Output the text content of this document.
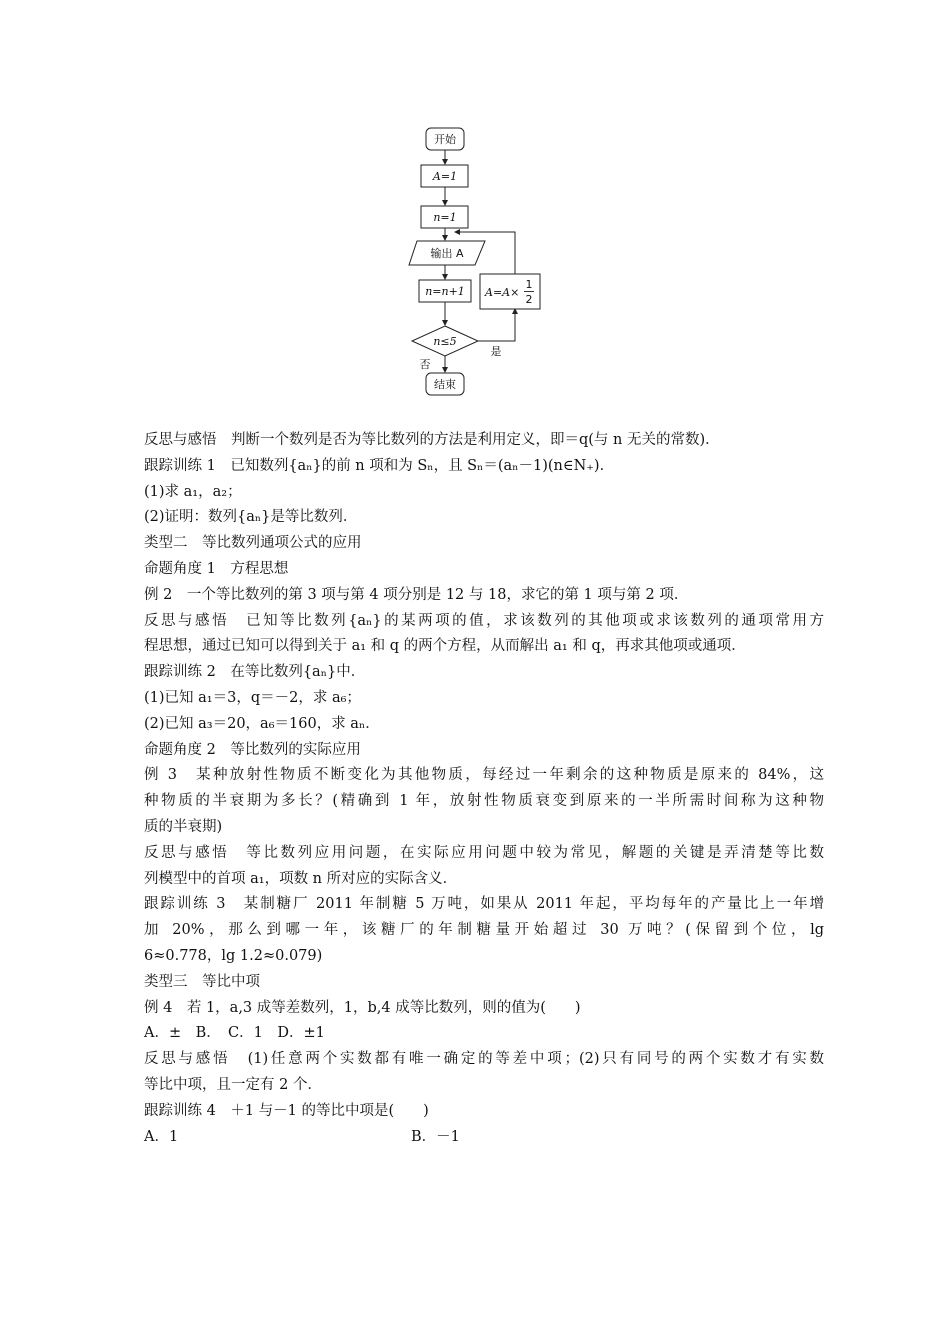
开始
A=1
n=1
输出 A
n=n+1
n≤5
否
结束
是
A=A×
1
2
反思与感悟　判断一个数列是否为等比数列的方法是利用定义，即＝q(与 n 无关的常数)．
跟踪训练 1　已知数列{aₙ}的前 n 项和为 Sₙ，且 Sₙ＝(aₙ－1)(n∈N₊)．
(1)求 a₁，a₂；
(2)证明：数列{aₙ}是等比数列．
类型二　等比数列通项公式的应用
命题角度 1　方程思想
例 2　一个等比数列的第 3 项与第 4 项分别是 12 与 18，求它的第 1 项与第 2 项．
反思与感悟　已知等比数列{aₙ}的某两项的值，求该数列的其他项或求该数列的通项常用方
程思想，通过已知可以得到关于 a₁ 和 q 的两个方程，从而解出 a₁ 和 q，再求其他项或通项．
跟踪训练 2　在等比数列{aₙ}中．
(1)已知 a₁＝3，q＝－2，求 a₆；
(2)已知 a₃＝20，a₆＝160，求 aₙ．
命题角度 2　等比数列的实际应用
例 3　某种放射性物质不断变化为其他物质，每经过一年剩余的这种物质是原来的 84%，这
种物质的半衰期为多长？(精确到 1 年，放射性物质衰变到原来的一半所需时间称为这种物
质的半衰期)
反思与感悟　等比数列应用问题，在实际应用问题中较为常见，解题的关键是弄清楚等比数
列模型中的首项 a₁，项数 n 所对应的实际含义．
跟踪训练 3　某制糖厂 2011 年制糖 5 万吨，如果从 2011 年起，平均每年的产量比上一年增
加 20%，那么到哪一年，该糖厂的年制糖量开始超过 30 万吨？(保留到个位，lg
6≈0.778，lg 1.2≈0.079)
类型三　等比中项
例 4　若 1，a,3 成等差数列，1，b,4 成等比数列，则的值为(　　)
A．±　B．　C．1　D．±1
反思与感悟　(1)任意两个实数都有唯一确定的等差中项；(2)只有同号的两个实数才有实数
等比中项，且一定有 2 个．
跟踪训练 4　＋1 与－1 的等比中项是(　　)
A．1	B．－1
